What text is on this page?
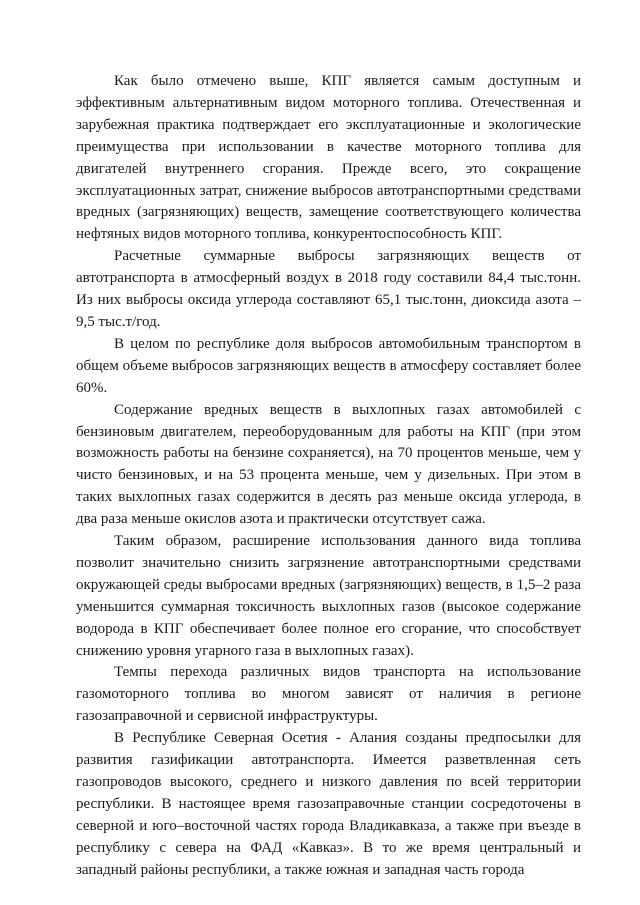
Как было отмечено выше, КПГ является самым доступным и эффективным альтернативным видом моторного топлива. Отечественная и зарубежная практика подтверждает его эксплуатационные и экологические преимущества при использовании в качестве моторного топлива для двигателей внутреннего сгорания. Прежде всего, это сокращение эксплуатационных затрат, снижение выбросов автотранспортными средствами вредных (загрязняющих) веществ, замещение соответствующего количества нефтяных видов моторного топлива, конкурентоспособность КПГ.

Расчетные суммарные выбросы загрязняющих веществ от автотранспорта в атмосферный воздух в 2018 году составили 84,4 тыс.тонн. Из них выбросы оксида углерода составляют 65,1 тыс.тонн, диоксида азота – 9,5 тыс.т/год.

В целом по республике доля выбросов автомобильным транспортом в общем объеме выбросов загрязняющих веществ в атмосферу составляет более 60%.

Содержание вредных веществ в выхлопных газах автомобилей с бензиновым двигателем, переоборудованным для работы на КПГ (при этом возможность работы на бензине сохраняется), на 70 процентов меньше, чем у чисто бензиновых, и на 53 процента меньше, чем у дизельных. При этом в таких выхлопных газах содержится в десять раз меньше оксида углерода, в два раза меньше окислов азота и практически отсутствует сажа.

Таким образом, расширение использования данного вида топлива позволит значительно снизить загрязнение автотранспортными средствами окружающей среды выбросами вредных (загрязняющих) веществ, в 1,5–2 раза уменьшится суммарная токсичность выхлопных газов (высокое содержание водорода в КПГ обеспечивает более полное его сгорание, что способствует снижению уровня угарного газа в выхлопных газах).

Темпы перехода различных видов транспорта на использование газомоторного топлива во многом зависят от наличия в регионе газозаправочной и сервисной инфраструктуры.

В Республике Северная Осетия - Алания созданы предпосылки для развития газификации автотранспорта. Имеется разветвленная сеть газопроводов высокого, среднего и низкого давления по всей территории республики. В настоящее время газозаправочные станции сосредоточены в северной и юго–восточной частях города Владикавказа, а также при въезде в республику с севера на ФАД «Кавказ». В то же время центральный и западный районы республики, а также южная и западная часть города
